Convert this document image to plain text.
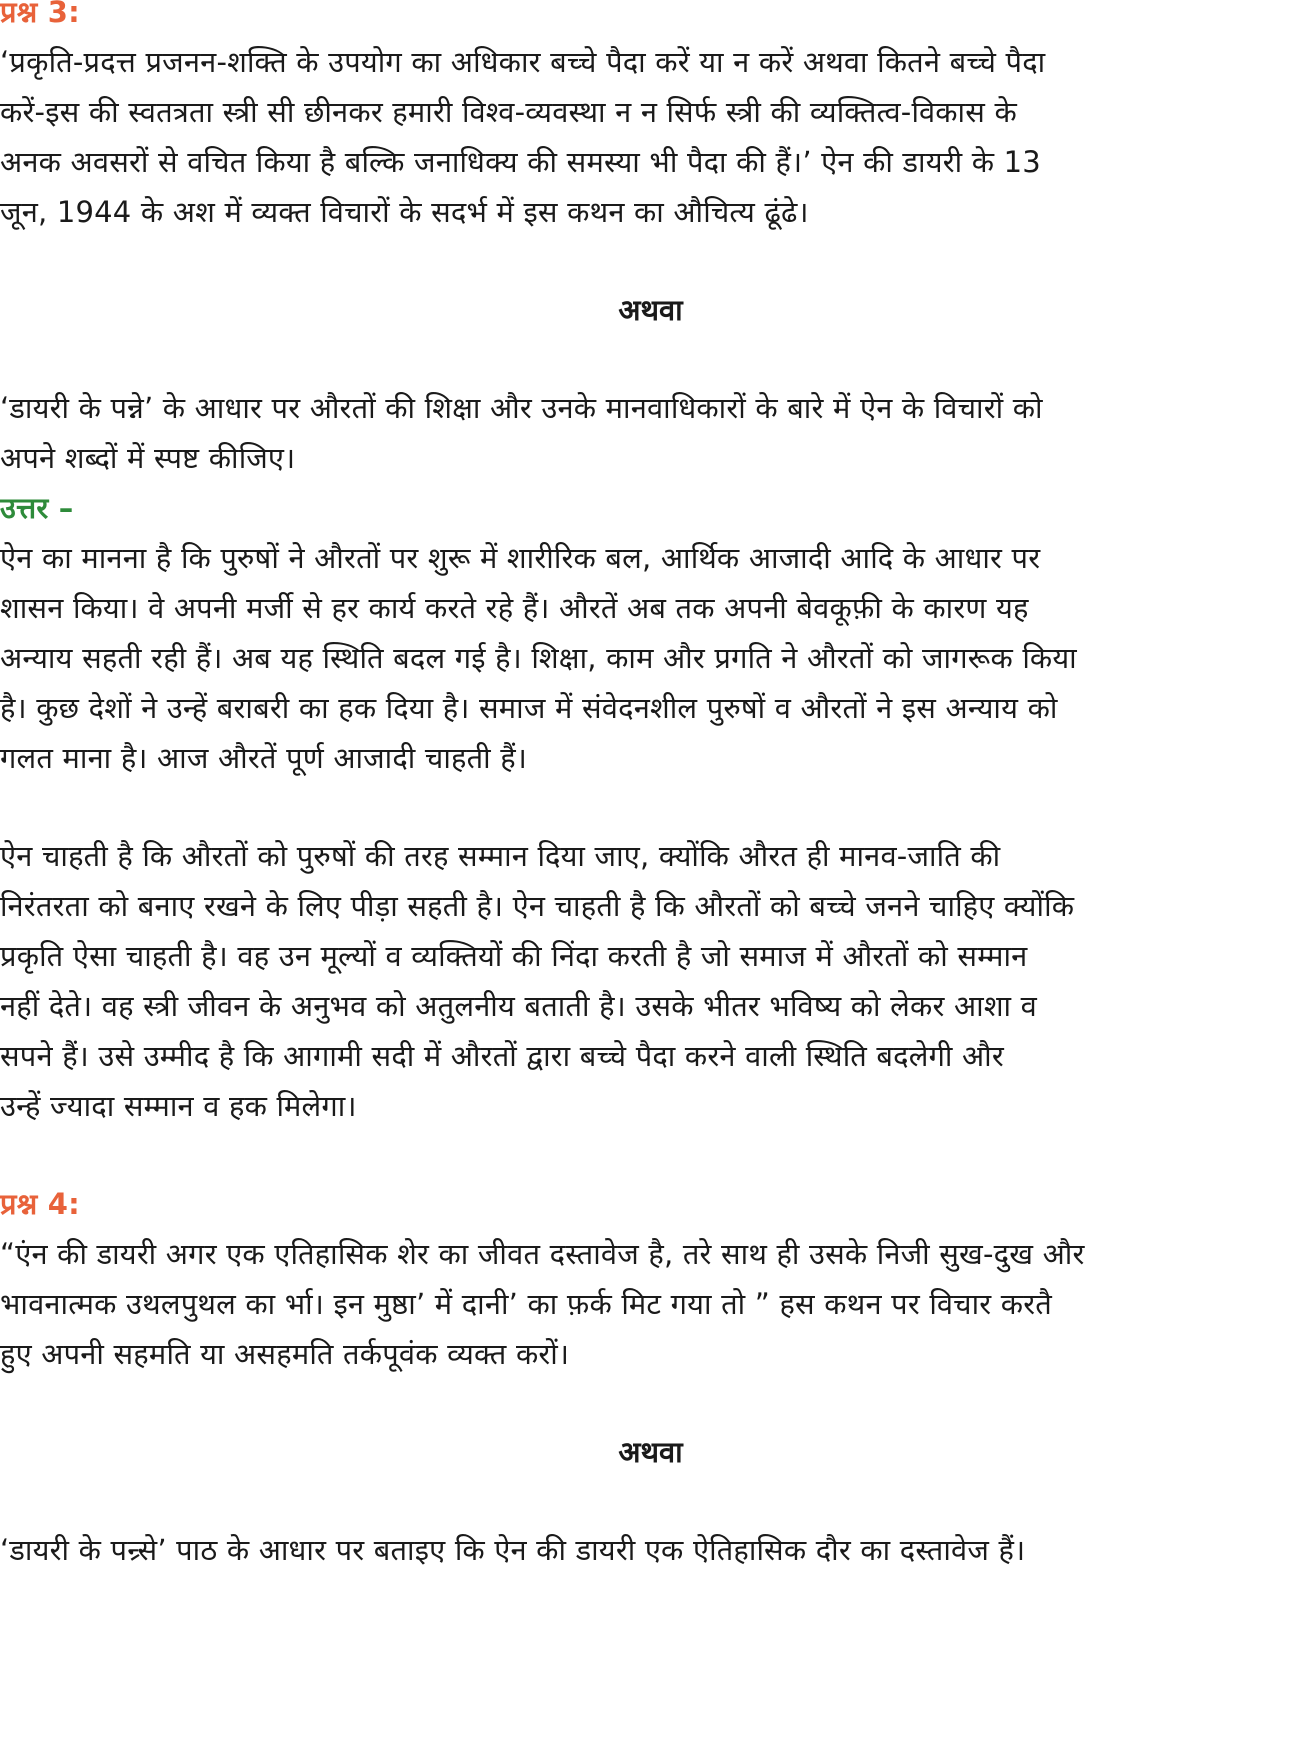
प्रश्न 3:
‘प्रकृति-प्रदत्त प्रजनन-शक्ति के उपयोग का अधिकार बच्चे पैदा करें या न करें अथवा कितने बच्चे पैदा
करें-इस की स्वतत्रता स्त्री सी छीनकर हमारी विश्व-व्यवस्था न न सिर्फ स्त्री की व्यक्तित्व-विकास के
अनक अवसरों से वचित किया है बल्कि जनाधिक्य की समस्या भी पैदा की हैं।’ ऐन की डायरी के 13
जून, 1944 के अश में व्यक्त विचारों के सदर्भ में इस कथन का औचित्य ढूंढे।
अथवा
‘डायरी के पन्ने’ के आधार पर औरतों की शिक्षा और उनके मानवाधिकारों के बारे में ऐन के विचारों को
अपने शब्दों में स्पष्ट कीजिए।
उत्तर –
ऐन का मानना है कि पुरुषों ने औरतों पर शुरू में शारीरिक बल, आर्थिक आजादी आदि के आधार पर
शासन किया। वे अपनी मर्जी से हर कार्य करते रहे हैं। औरतें अब तक अपनी बेवकूफ़ी के कारण यह
अन्याय सहती रही हैं। अब यह स्थिति बदल गई है। शिक्षा, काम और प्रगति ने औरतों को जागरूक किया
है। कुछ देशों ने उन्हें बराबरी का हक दिया है। समाज में संवेदनशील पुरुषों व औरतों ने इस अन्याय को
गलत माना है। आज औरतें पूर्ण आजादी चाहती हैं।
ऐन चाहती है कि औरतों को पुरुषों की तरह सम्मान दिया जाए, क्योंकि औरत ही मानव-जाति की
निरंतरता को बनाए रखने के लिए पीड़ा सहती है। ऐन चाहती है कि औरतों को बच्चे जनने चाहिए क्योंकि
प्रकृति ऐसा चाहती है। वह उन मूल्यों व व्यक्तियों की निंदा करती है जो समाज में औरतों को सम्मान
नहीं देते। वह स्त्री जीवन के अनुभव को अतुलनीय बताती है। उसके भीतर भविष्य को लेकर आशा व
सपने हैं। उसे उम्मीद है कि आगामी सदी में औरतों द्वारा बच्चे पैदा करने वाली स्थिति बदलेगी और
उन्हें ज्यादा सम्मान व हक मिलेगा।
प्रश्न 4:
“एंन की डायरी अगर एक एतिहासिक शेर का जीवत दस्तावेज है, तरे साथ ही उसके निजी सुख-दुख और
भावनात्मक उथलपुथल का र्भा। इन मुष्ठा’ में दानी’ का फ़र्क मिट गया तो ” हस कथन पर विचार करतै
हुए अपनी सहमति या असहमति तर्कपूवंक व्यक्त करों।
अथवा
‘डायरी के पन्र्से’ पाठ के आधार पर बताइए कि ऐन की डायरी एक ऐतिहासिक दौर का दस्तावेज हैं।
